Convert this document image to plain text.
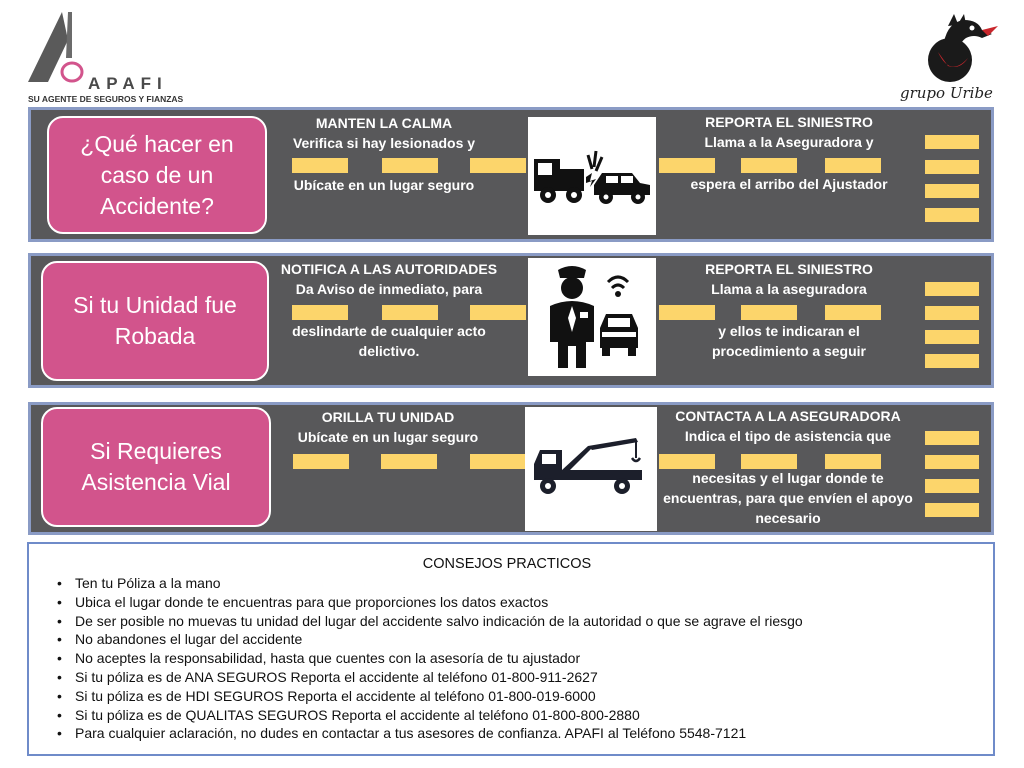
APAFI
SU AGENTE DE SEGUROS Y FIANZAS	grupo Uribe
¿Qué hacer en caso de un Accidente?
MANTEN LA CALMA
Verifica si hay lesionados y
Ubícate en un lugar seguro
REPORTA EL SINIESTRO
Llama a la Aseguradora y
espera el arribo del Ajustador
Si tu Unidad fue Robada
NOTIFICA A LAS AUTORIDADES
Da Aviso de inmediato, para
deslindarte de cualquier acto delictivo.
REPORTA EL SINIESTRO
Llama a la aseguradora
y ellos te indicaran el procedimiento a seguir
Si Requieres Asistencia Vial
ORILLA TU UNIDAD
Ubícate en un lugar seguro
CONTACTA A LA ASEGURADORA
Indica el tipo de asistencia que
necesitas y el lugar donde te encuentras, para que envíen el apoyo necesario
CONSEJOS PRACTICOS
• Ten tu Póliza a la mano
• Ubica el lugar donde te encuentras para que proporciones los datos exactos
• De ser posible no muevas tu unidad del lugar del accidente salvo indicación de la autoridad o que se agrave el riesgo
• No abandones el lugar del accidente
• No aceptes la responsabilidad, hasta que cuentes con la asesoría de tu ajustador
• Si tu póliza es de ANA SEGUROS Reporta el accidente al teléfono 01-800-911-2627
• Si tu póliza es de HDI SEGUROS Reporta el accidente al teléfono 01-800-019-6000
• Si tu póliza es de QUALITAS SEGUROS Reporta el accidente al teléfono 01-800-800-2880
• Para cualquier aclaración, no dudes en contactar a tus asesores de confianza. APAFI al Teléfono 5548-7121
